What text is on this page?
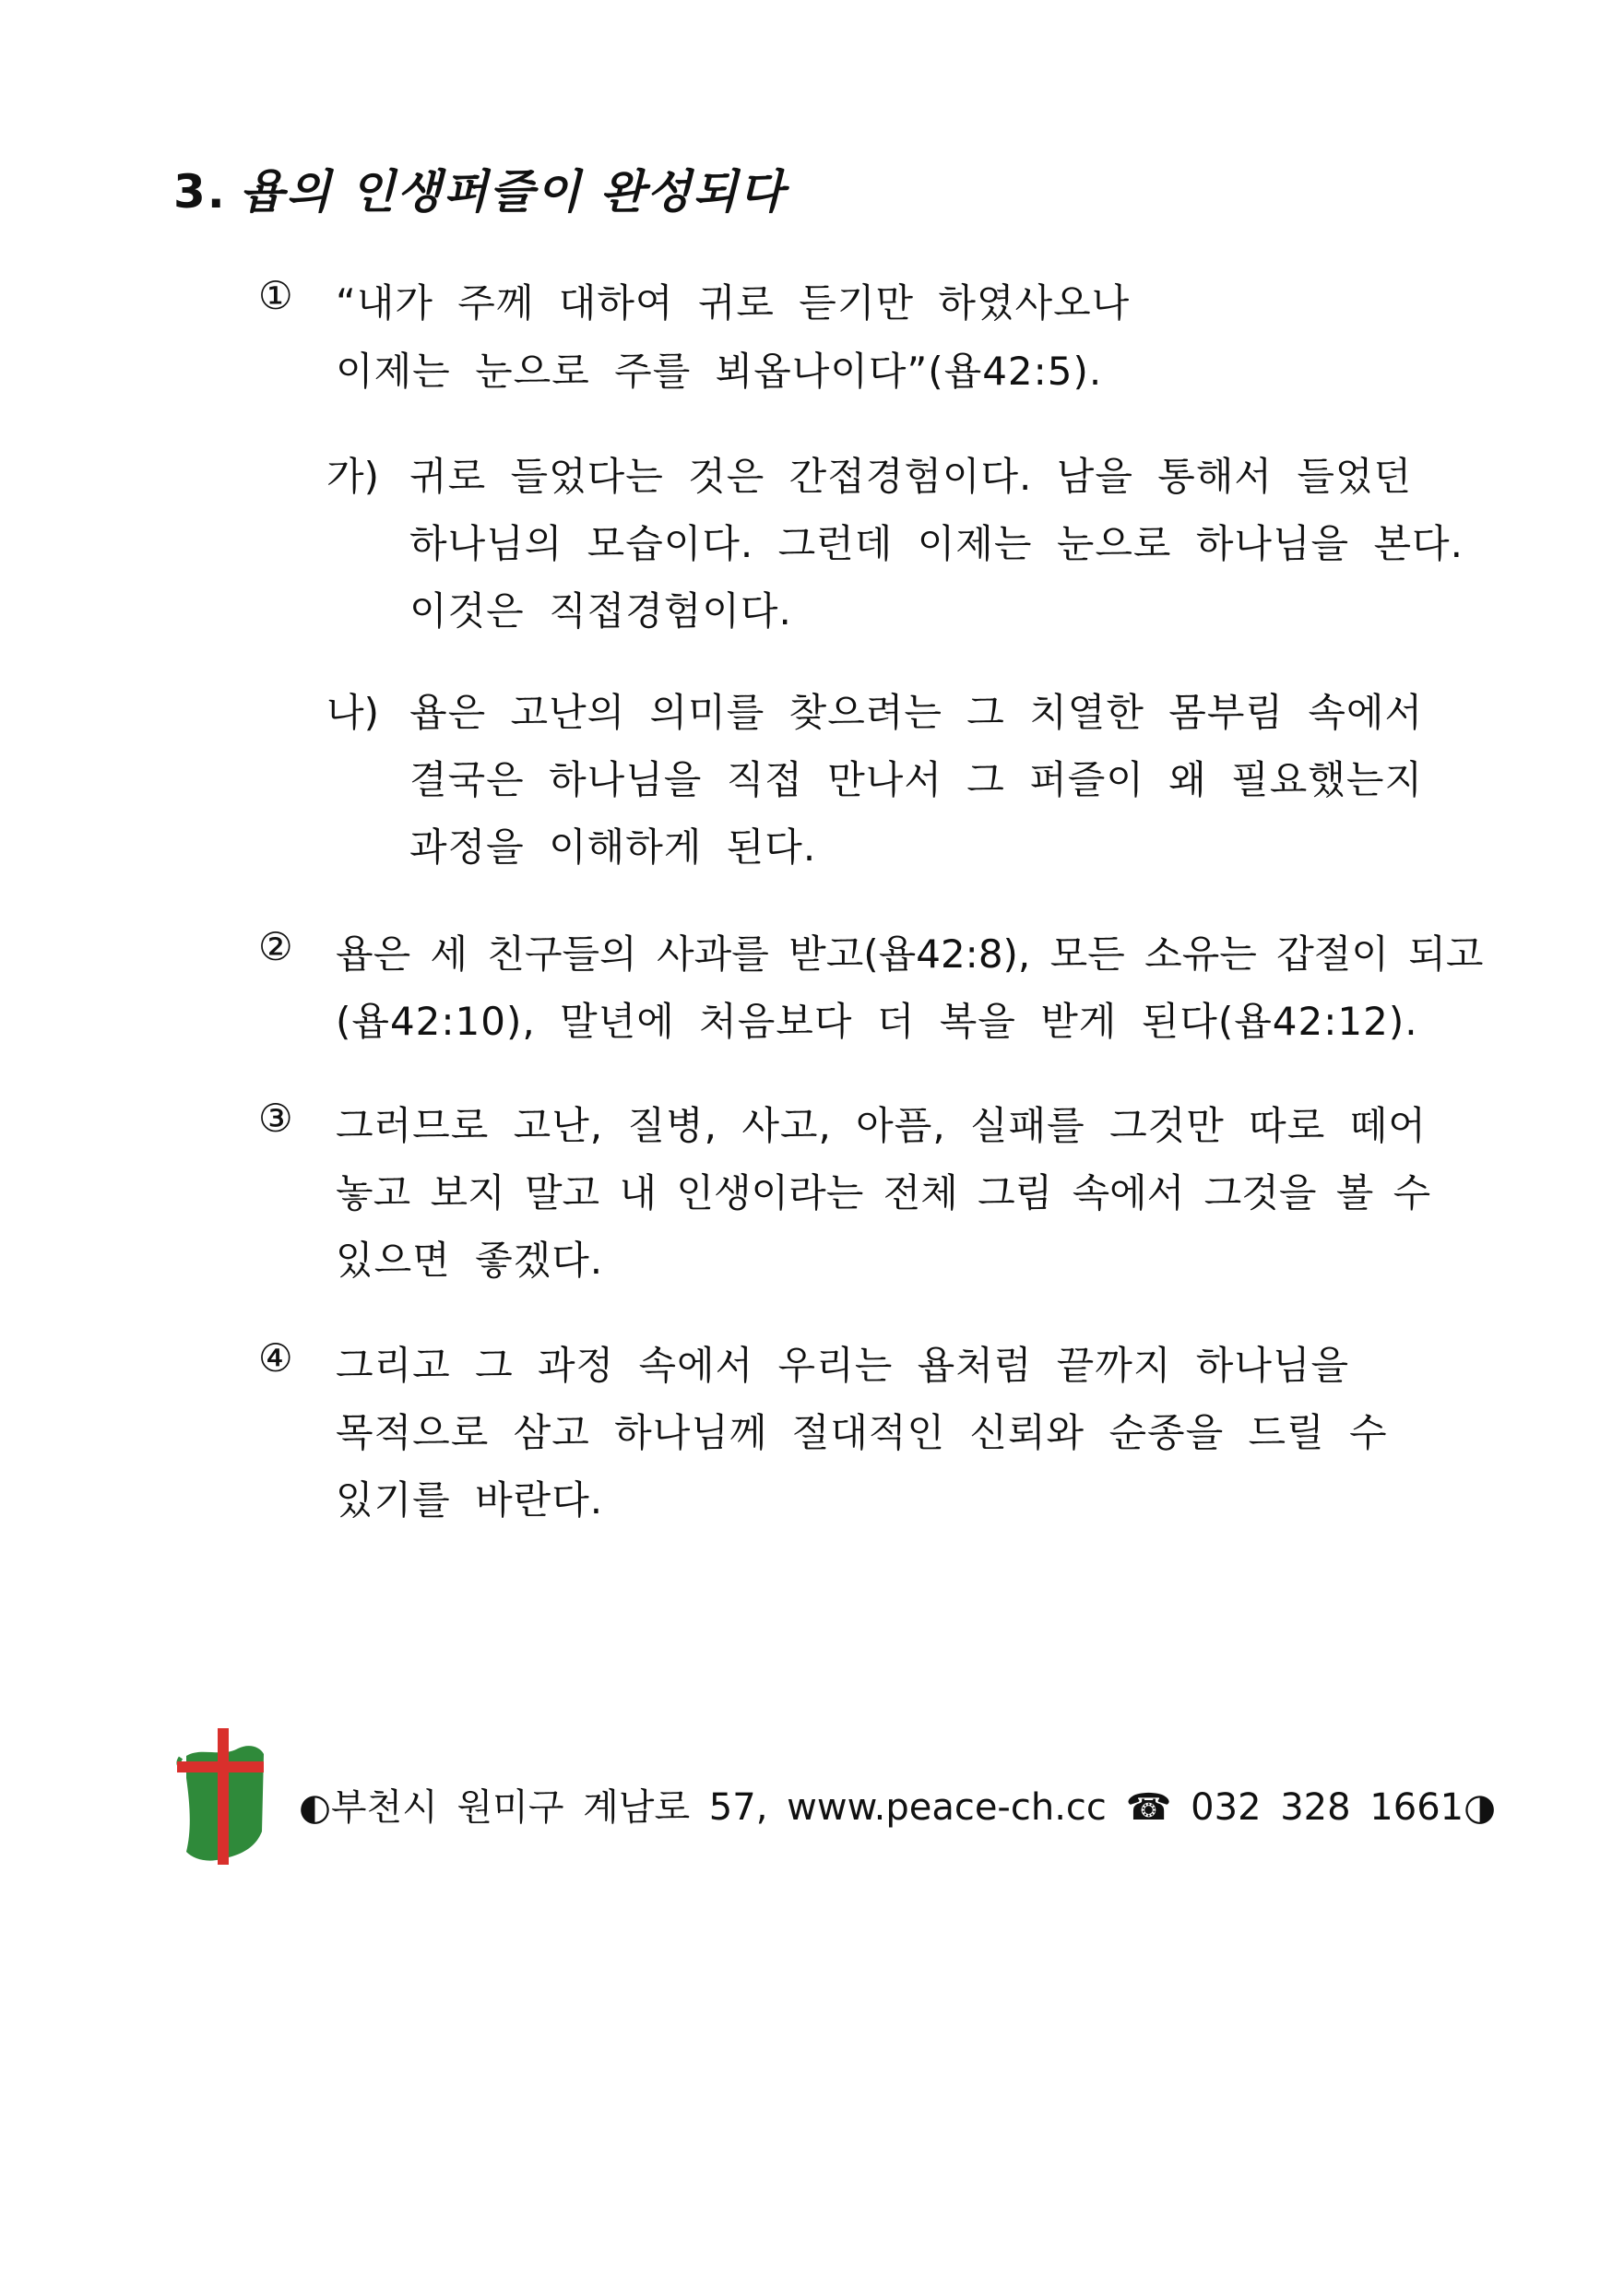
3. 욥의 인생퍼즐이 완성되다
① “내가 주께 대하여 귀로 듣기만 하였사오나
이제는 눈으로 주를 뵈옵나이다”(욥42:5).
가) 귀로 들었다는 것은 간접경험이다. 남을 통해서 들었던
하나님의 모습이다. 그런데 이제는 눈으로 하나님을 본다.
이것은 직접경험이다.
나) 욥은 고난의 의미를 찾으려는 그 치열한 몸부림 속에서
결국은 하나님을 직접 만나서 그 퍼즐이 왜 필요했는지
과정을 이해하게 된다.
② 욥은 세 친구들의 사과를 받고(욥42:8), 모든 소유는 갑절이 되고
(욥42:10), 말년에 처음보다 더 복을 받게 된다(욥42:12).
③ 그러므로 고난, 질병, 사고, 아픔, 실패를 그것만 따로 떼어
놓고 보지 말고 내 인생이라는 전체 그림 속에서 그것을 볼 수
있으면 좋겠다.
④ 그리고 그 과정 속에서 우리는 욥처럼 끝까지 하나님을
목적으로 삼고 하나님께 절대적인 신뢰와 순종을 드릴 수
있기를 바란다.
◐부천시 원미구 계남로 57, www.peace-ch.cc ☎ 032 328 1661◑
